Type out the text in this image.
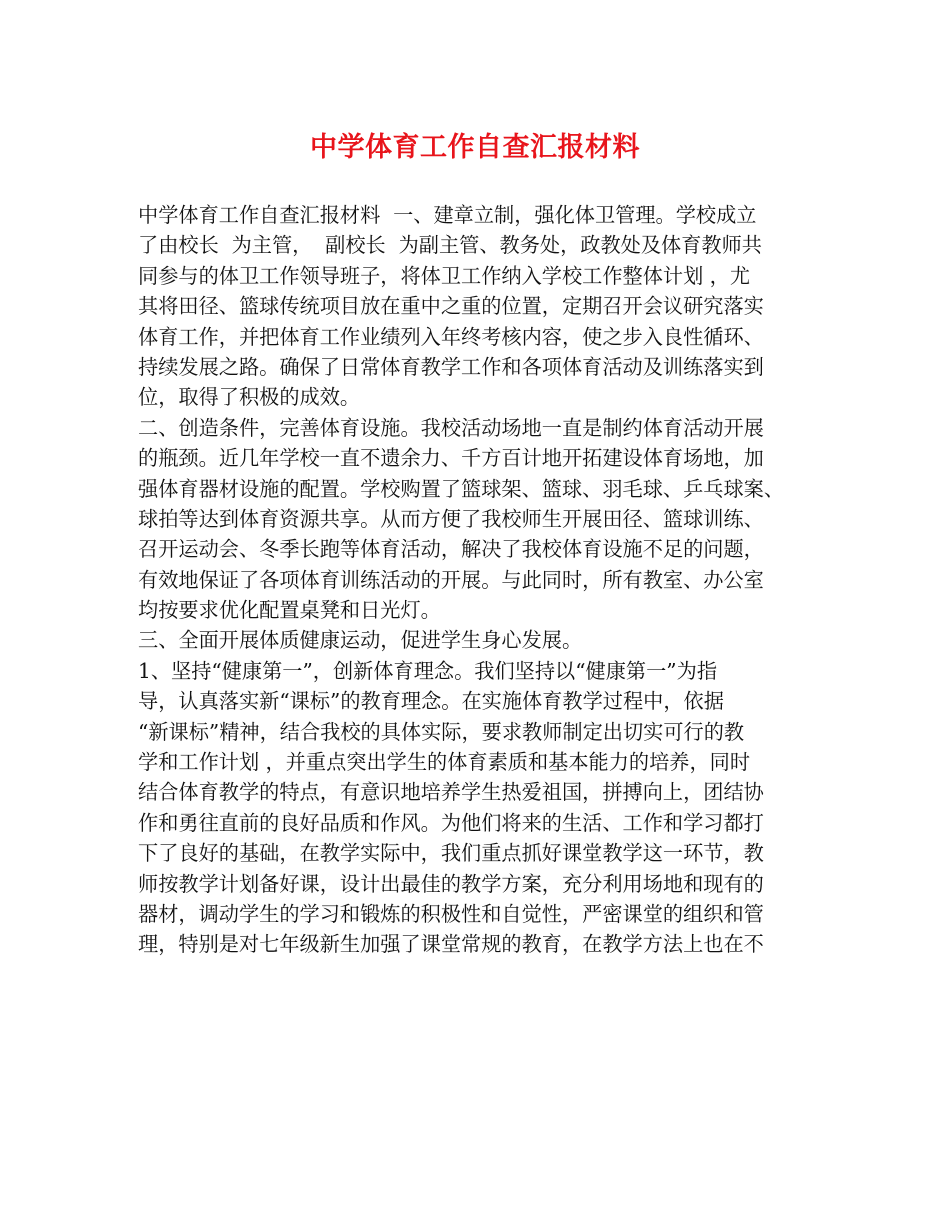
中学体育工作自查汇报材料
中学体育工作自查汇报材料  一、建章立制，强化体卫管理。学校成立
了由校长  为主管，  副校长  为副主管、教务处，政教处及体育教师共
同参与的体卫工作领导班子，将体卫工作纳入学校工作整体计划 ，尤
其将田径、篮球传统项目放在重中之重的位置，定期召开会议研究落实
体育工作，并把体育工作业绩列入年终考核内容，使之步入良性循环、
持续发展之路。确保了日常体育教学工作和各项体育活动及训练落实到
位，取得了积极的成效。
二、创造条件，完善体育设施。我校活动场地一直是制约体育活动开展
的瓶颈。近几年学校一直不遗余力、千方百计地开拓建设体育场地，加
强体育器材设施的配置。学校购置了篮球架、篮球、羽毛球、乒乓球案、
球拍等达到体育资源共享。从而方便了我校师生开展田径、篮球训练、
召开运动会、冬季长跑等体育活动，解决了我校体育设施不足的问题，
有效地保证了各项体育训练活动的开展。与此同时，所有教室、办公室
均按要求优化配置桌凳和日光灯。
三、全面开展体质健康运动，促进学生身心发展。
1、坚持“健康第一”，创新体育理念。我们坚持以“健康第一”为指
导，认真落实新“课标”的教育理念。在实施体育教学过程中，依据
“新课标”精神，结合我校的具体实际，要求教师制定出切实可行的教
学和工作计划 ，并重点突出学生的体育素质和基本能力的培养，同时
结合体育教学的特点，有意识地培养学生热爱祖国，拼搏向上，团结协
作和勇往直前的良好品质和作风。为他们将来的生活、工作和学习都打
下了良好的基础，在教学实际中，我们重点抓好课堂教学这一环节，教
师按教学计划备好课，设计出最佳的教学方案，充分利用场地和现有的
器材，调动学生的学习和锻炼的积极性和自觉性，严密课堂的组织和管
理，特别是对七年级新生加强了课堂常规的教育，在教学方法上也在不
